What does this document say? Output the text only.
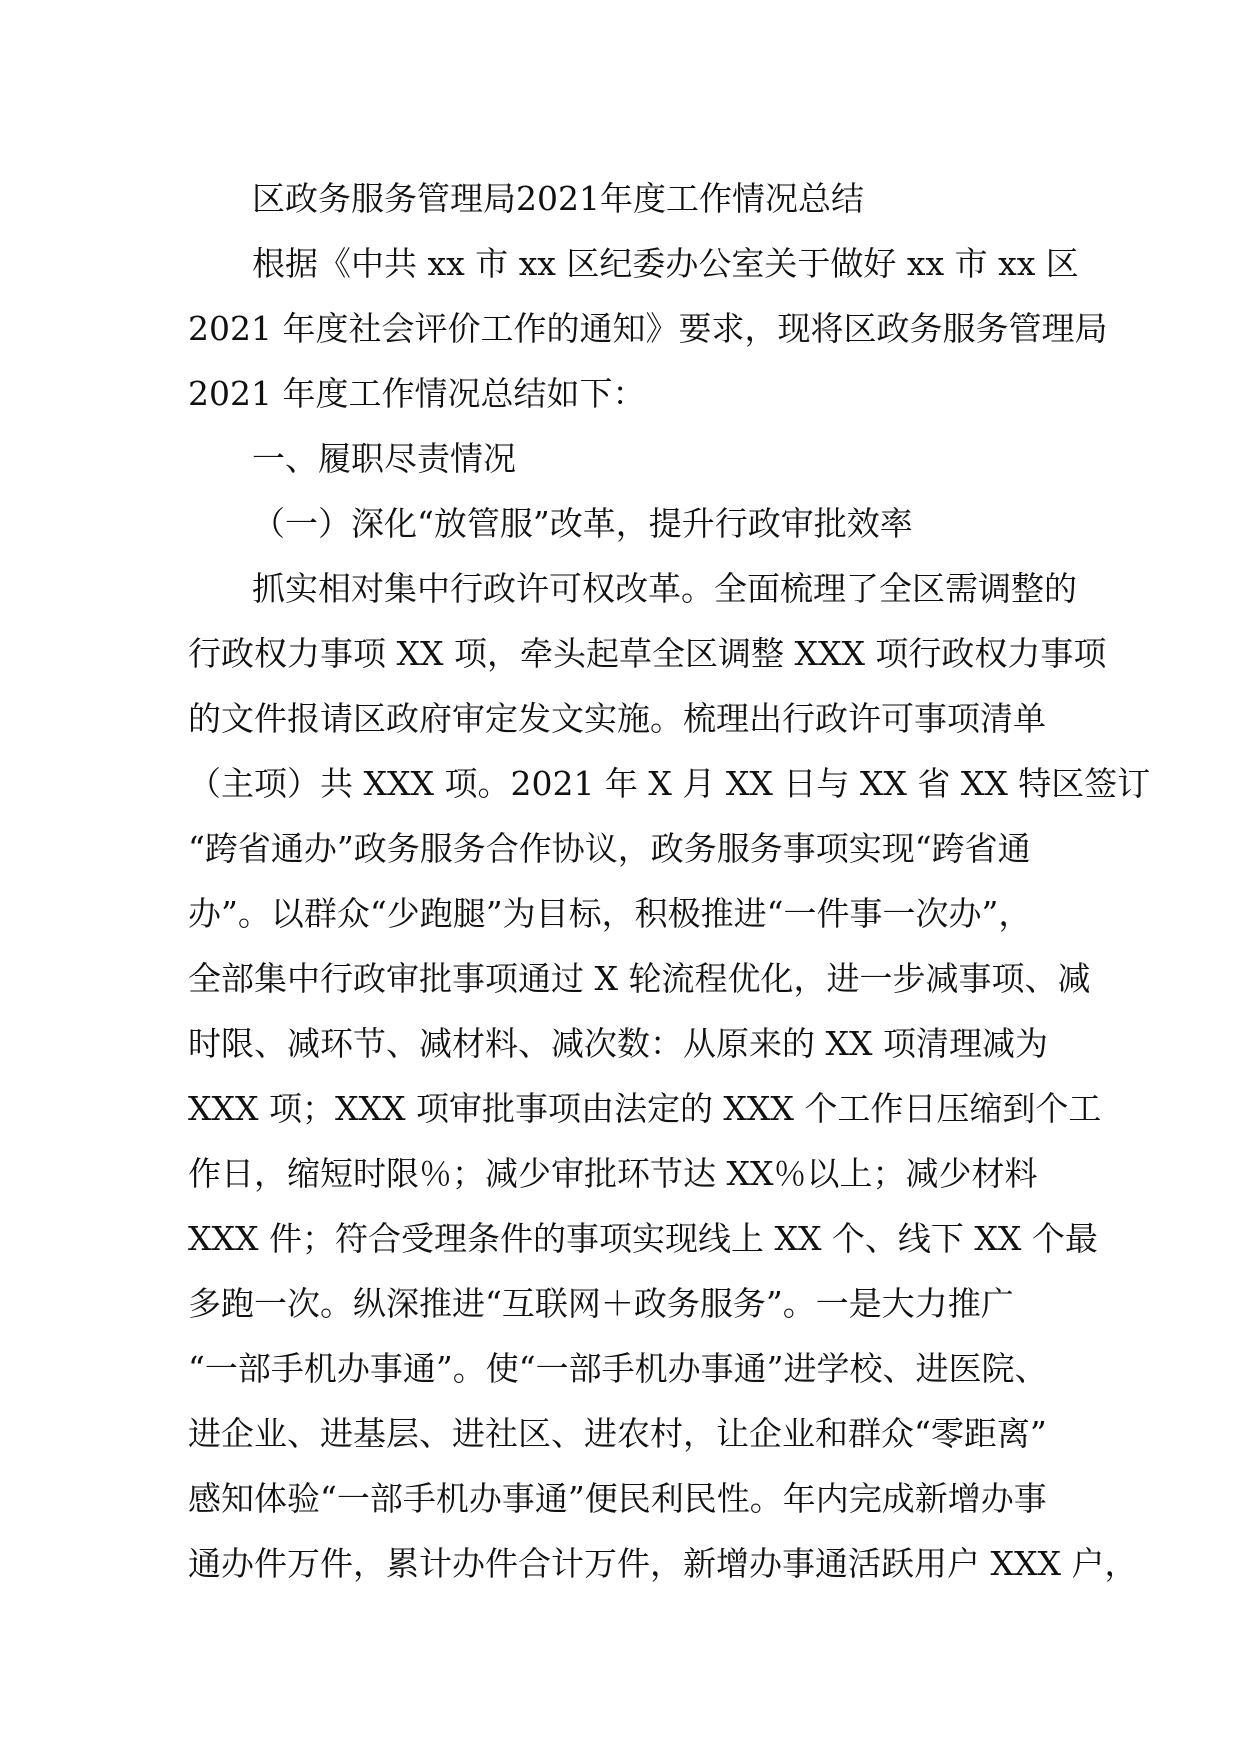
区政务服务管理局2021年度工作情况总结
根据《中共 xx 市 xx 区纪委办公室关于做好 xx 市 xx 区
2021 年度社会评价工作的通知》要求，现将区政务服务管理局
2021 年度工作情况总结如下：
一、履职尽责情况
（一）深化“放管服”改革，提升行政审批效率
抓实相对集中行政许可权改革。全面梳理了全区需调整的
行政权力事项 XX 项，牵头起草全区调整 XXX 项行政权力事项
的文件报请区政府审定发文实施。梳理出行政许可事项清单
（主项）共 XXX 项。2021 年 X 月 XX 日与 XX 省 XX 特区签订
“跨省通办”政务服务合作协议，政务服务事项实现“跨省通
办”。以群众“少跑腿”为目标，积极推进“一件事一次办”，
全部集中行政审批事项通过 X 轮流程优化，进一步减事项、减
时限、减环节、减材料、减次数：从原来的 XX 项清理减为
XXX 项；XXX 项审批事项由法定的 XXX 个工作日压缩到个工
作日，缩短时限％；减少审批环节达 XX％以上；减少材料
XXX 件；符合受理条件的事项实现线上 XX 个、线下 XX 个最
多跑一次。纵深推进“互联网＋政务服务”。一是大力推广
“一部手机办事通”。使“一部手机办事通”进学校、进医院、
进企业、进基层、进社区、进农村，让企业和群众“零距离”
感知体验“一部手机办事通”便民利民性。年内完成新增办事
通办件万件，累计办件合计万件，新增办事通活跃用户 XXX 户，
